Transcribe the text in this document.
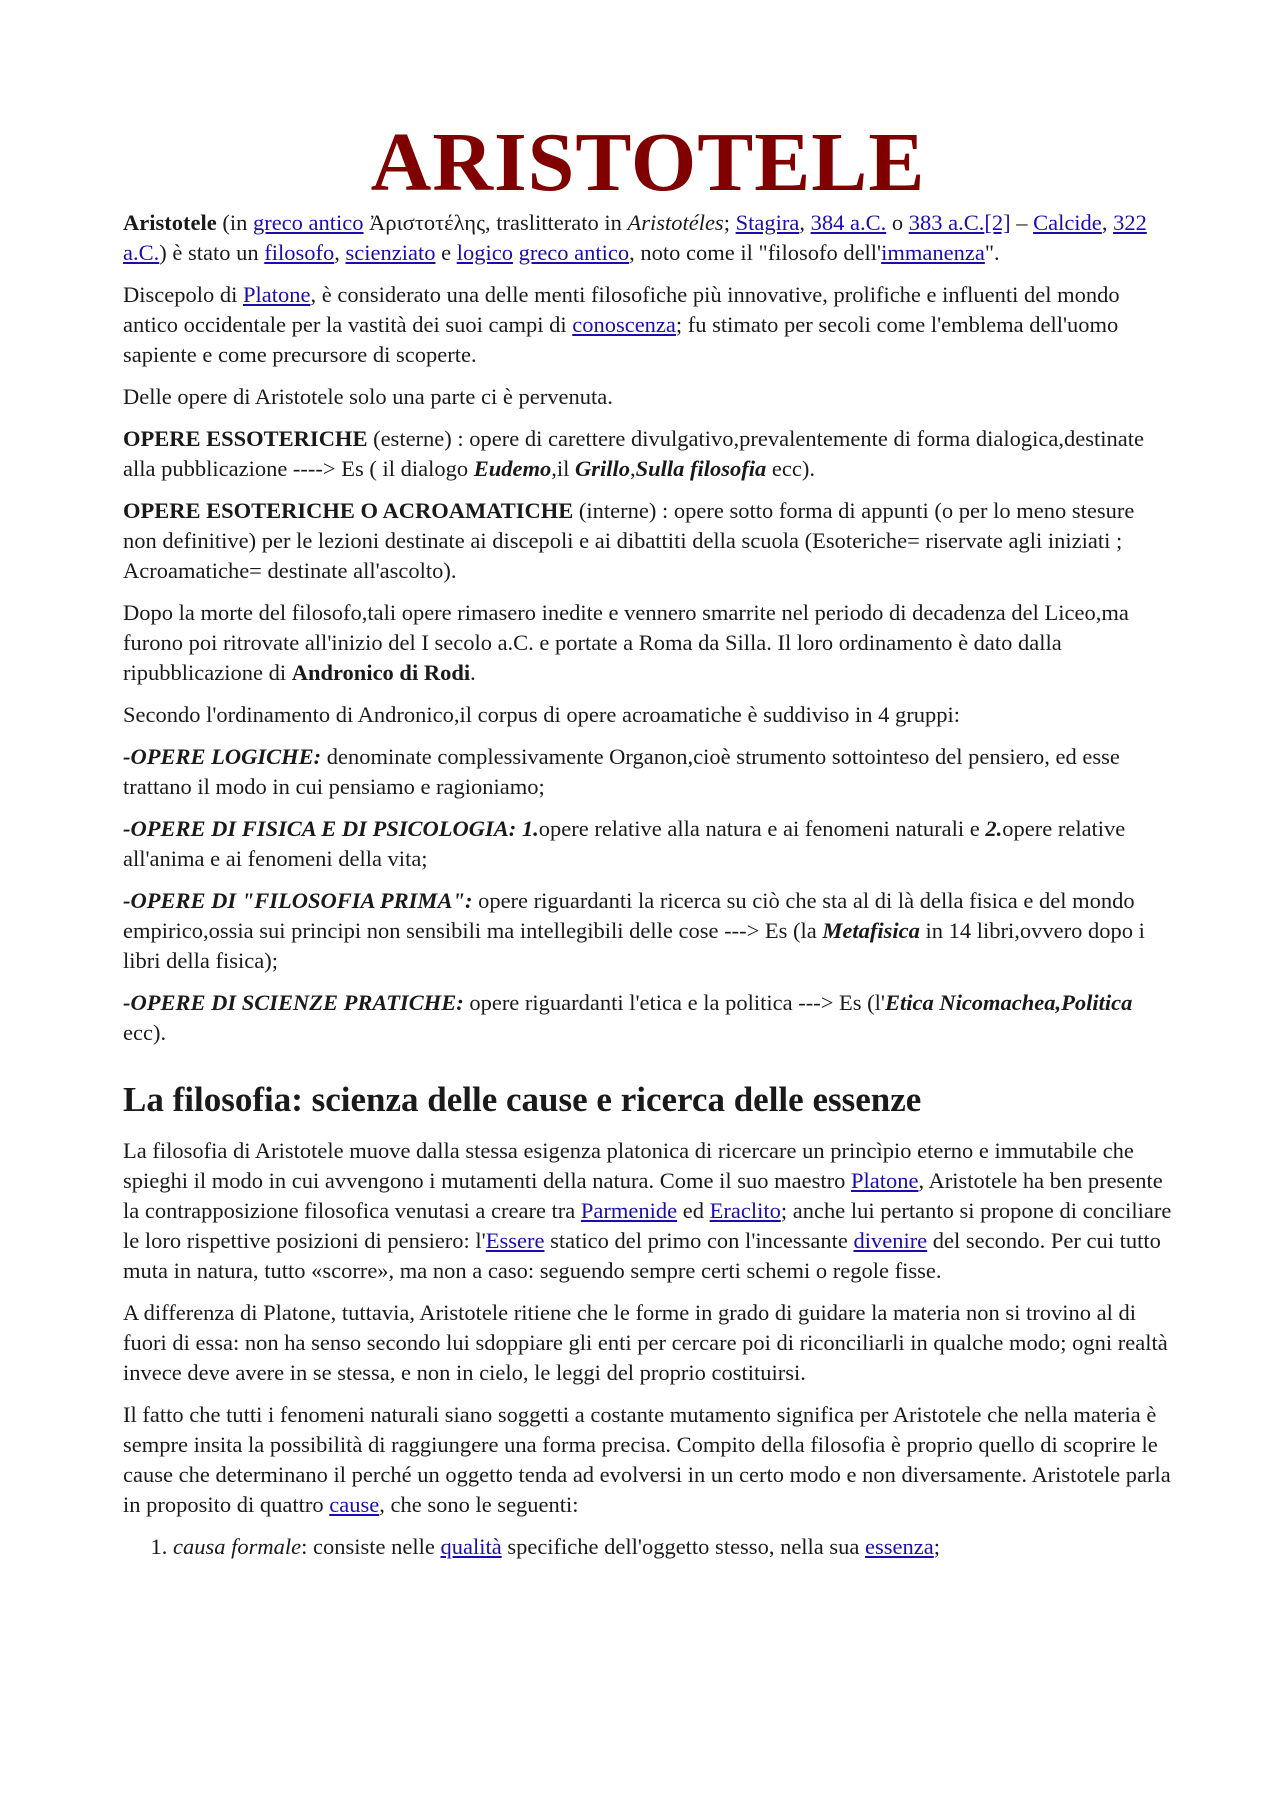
ARISTOTELE

Aristotele (in greco antico Ἀριστοτέλης, traslitterato in Aristotéles; Stagira, 384 a.C. o 383 a.C.[2] – Calcide, 322 a.C.) è stato un filosofo, scienziato e logico greco antico, noto come il "filosofo dell'immanenza".

Discepolo di Platone, è considerato una delle menti filosofiche più innovative, prolifiche e influenti del mondo antico occidentale per la vastità dei suoi campi di conoscenza; fu stimato per secoli come l'emblema dell'uomo sapiente e come precursore di scoperte.

Delle opere di Aristotele solo una parte ci è pervenuta.

OPERE ESSOTERICHE (esterne) : opere di carettere divulgativo,prevalentemente di forma dialogica,destinate alla pubblicazione ----> Es ( il dialogo Eudemo,il Grillo,Sulla filosofia ecc).

OPERE ESOTERICHE O ACROAMATICHE (interne) : opere sotto forma di appunti (o per lo meno stesure non definitive) per le lezioni destinate ai discepoli e ai dibattiti della scuola (Esoteriche= riservate agli iniziati ; Acroamatiche= destinate all'ascolto).

Dopo la morte del filosofo,tali opere rimasero inedite e vennero smarrite nel periodo di decadenza del Liceo,ma furono poi ritrovate all'inizio del I secolo a.C. e portate a Roma da Silla. Il loro ordinamento è dato dalla ripubblicazione di Andronico di Rodi.

Secondo l'ordinamento di Andronico,il corpus di opere acroamatiche è suddiviso in 4 gruppi:

-OPERE LOGICHE: denominate complessivamente Organon,cioè strumento sottointeso del pensiero, ed esse trattano il modo in cui pensiamo e ragioniamo;

-OPERE DI FISICA E DI PSICOLOGIA: 1.opere relative alla natura e ai fenomeni naturali e 2.opere relative all'anima e ai fenomeni della vita;

-OPERE DI "FILOSOFIA PRIMA": opere riguardanti la ricerca su ciò che sta al di là della fisica e del mondo empirico,ossia sui principi non sensibili ma intellegibili delle cose ---> Es (la Metafisica in 14 libri,ovvero dopo i libri della fisica);

-OPERE DI SCIENZE PRATICHE: opere riguardanti l'etica e la politica ---> Es (l'Etica Nicomachea,Politica ecc).

La filosofia: scienza delle cause e ricerca delle essenze

La filosofia di Aristotele muove dalla stessa esigenza platonica di ricercare un princìpio eterno e immutabile che spieghi il modo in cui avvengono i mutamenti della natura. Come il suo maestro Platone, Aristotele ha ben presente la contrapposizione filosofica venutasi a creare tra Parmenide ed Eraclito; anche lui pertanto si propone di conciliare le loro rispettive posizioni di pensiero: l'Essere statico del primo con l'incessante divenire del secondo. Per cui tutto muta in natura, tutto «scorre», ma non a caso: seguendo sempre certi schemi o regole fisse.

A differenza di Platone, tuttavia, Aristotele ritiene che le forme in grado di guidare la materia non si trovino al di fuori di essa: non ha senso secondo lui sdoppiare gli enti per cercare poi di riconciliarli in qualche modo; ogni realtà invece deve avere in se stessa, e non in cielo, le leggi del proprio costituirsi.

Il fatto che tutti i fenomeni naturali siano soggetti a costante mutamento significa per Aristotele che nella materia è sempre insita la possibilità di raggiungere una forma precisa. Compito della filosofia è proprio quello di scoprire le cause che determinano il perché un oggetto tenda ad evolversi in un certo modo e non diversamente. Aristotele parla in proposito di quattro cause, che sono le seguenti:

1. causa formale: consiste nelle qualità specifiche dell'oggetto stesso, nella sua essenza;
